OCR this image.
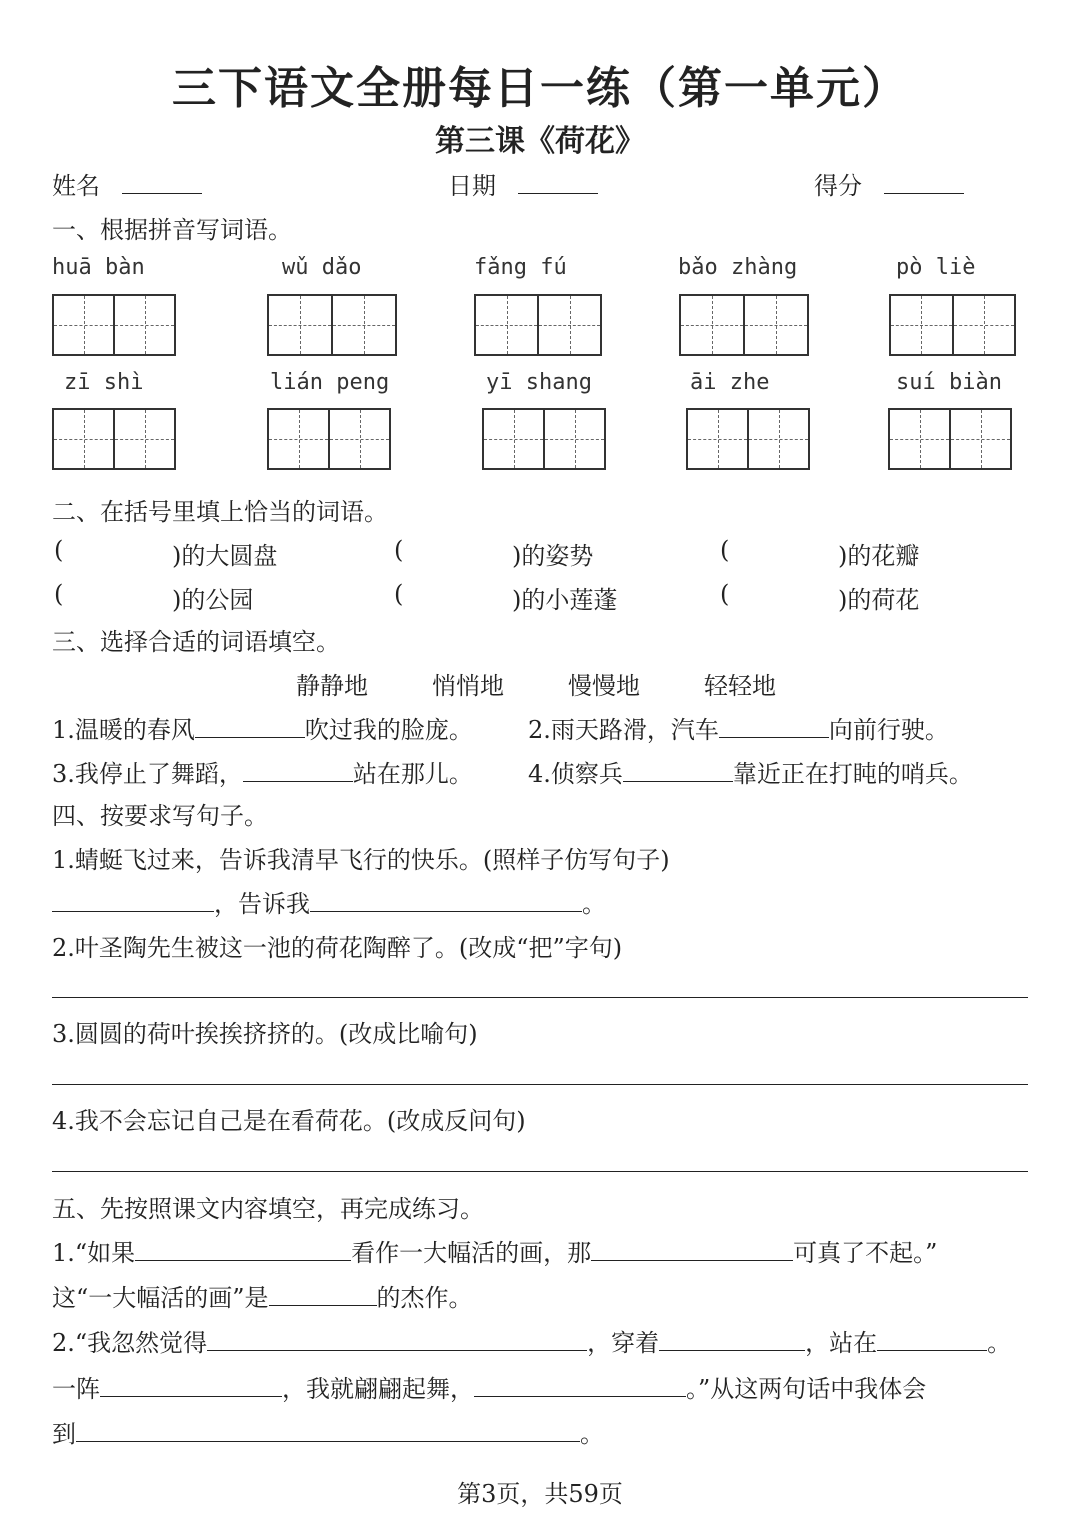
三下语文全册每日一练（第一单元）
第三课《荷花》
姓名	日期	得分
一、根据拼音写词语。
huā bàn	wǔ dǎo	fǎng fú	bǎo zhàng	pò liè
zī shì	lián peng	yī shang	āi zhe	suí biàn
二、在括号里填上恰当的词语。
(	)的大圆盘	(	)的姿势	(	)的花瓣
(	)的公园	(	)的小莲蓬	(	)的荷花
三、选择合适的词语填空。
静静地	悄悄地	慢慢地	轻轻地
1.温暖的春风	吹过我的脸庞。 2.雨天路滑，汽车	向前行驶。
3.我停止了舞蹈，	站在那儿。 4.侦察兵	靠近正在打盹的哨兵。
四、按要求写句子。
1.蜻蜓飞过来，告诉我清早飞行的快乐。(照样子仿写句子)
，告诉我	。
2.叶圣陶先生被这一池的荷花陶醉了。(改成“把”字句)
3.圆圆的荷叶挨挨挤挤的。(改成比喻句)
4.我不会忘记自己是在看荷花。(改成反问句)
五、先按照课文内容填空，再完成练习。
1.“如果	看作一大幅活的画，那	可真了不起。”
这“一大幅活的画”是	的杰作。
2.“我忽然觉得	，穿着	，站在	。
一阵	，我就翩翩起舞，	。”从这两句话中我体会
到	。
第3页，共59页
